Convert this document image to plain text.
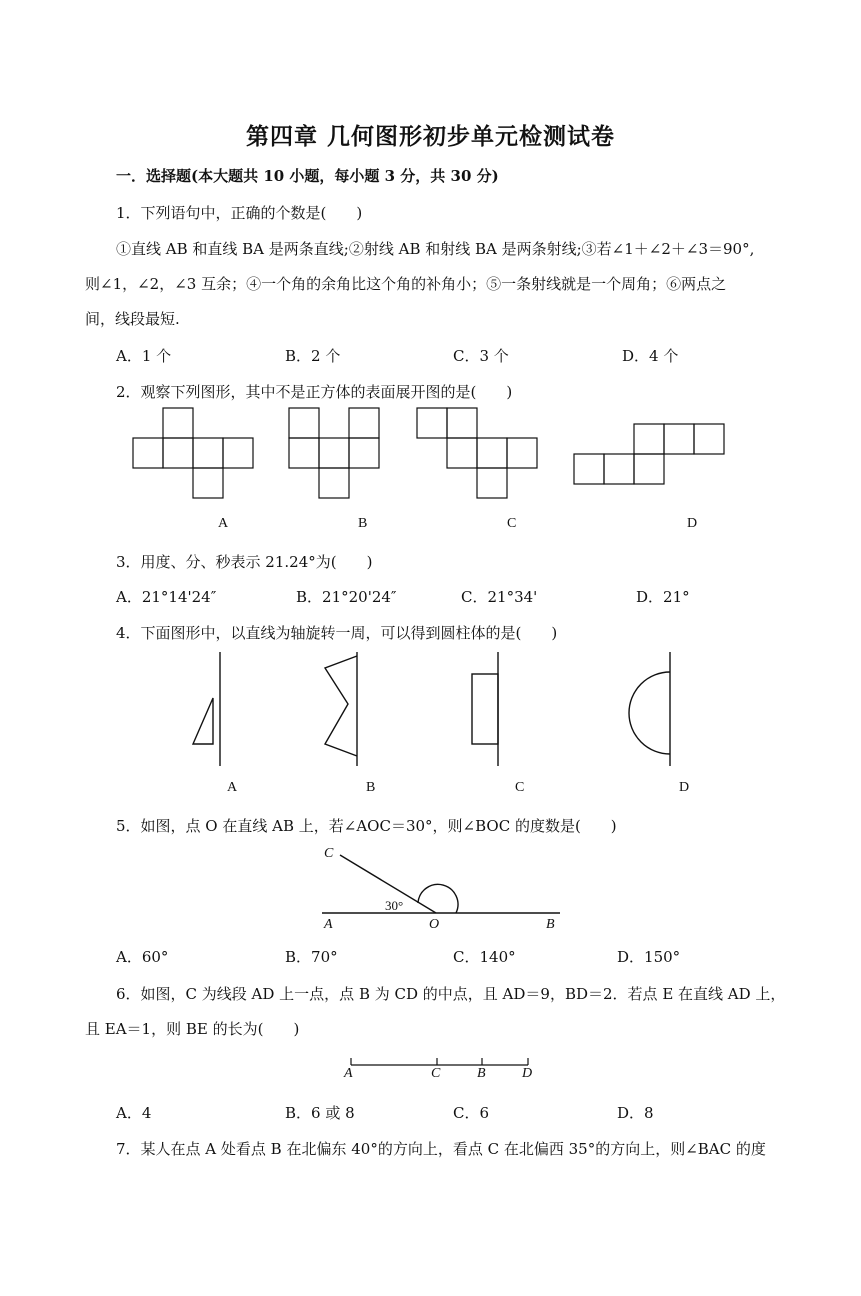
第四章 几何图形初步单元检测试卷
一．选择题(本大题共 10 小题，每小题 3 分，共 30 分)
1．下列语句中，正确的个数是(　　)
①直线 AB 和直线 BA 是两条直线;②射线 AB 和射线 BA 是两条射线;③若∠1＋∠2＋∠3＝90°,
则∠1，∠2，∠3 互余；④一个角的余角比这个角的补角小；⑤一条射线就是一个周角；⑥两点之
间，线段最短.
A．1 个	B．2 个	C．3 个	D．4 个
2．观察下列图形，其中不是正方体的表面展开图的是(　　)
A	B	C	D
3．用度、分、秒表示 21.24°为(　　)
A．21°14'24″	B．21°20'24″	C．21°34'	D．21°
4．下面图形中，以直线为轴旋转一周，可以得到圆柱体的是(　　)
A	B	C	D
5．如图，点 O 在直线 AB 上，若∠AOC＝30°，则∠BOC 的度数是(　　)
C
30°
A	O	B
A．60°	B．70°	C．140°	D．150°
6．如图，C 为线段 AD 上一点，点 B 为 CD 的中点，且 AD＝9，BD＝2．若点 E 在直线 AD 上，
且 EA＝1，则 BE 的长为(　　)
A	C	B	D
A．4	B．6 或 8	C．6	D．8
7．某人在点 A 处看点 B 在北偏东 40°的方向上，看点 C 在北偏西 35°的方向上，则∠BAC 的度
